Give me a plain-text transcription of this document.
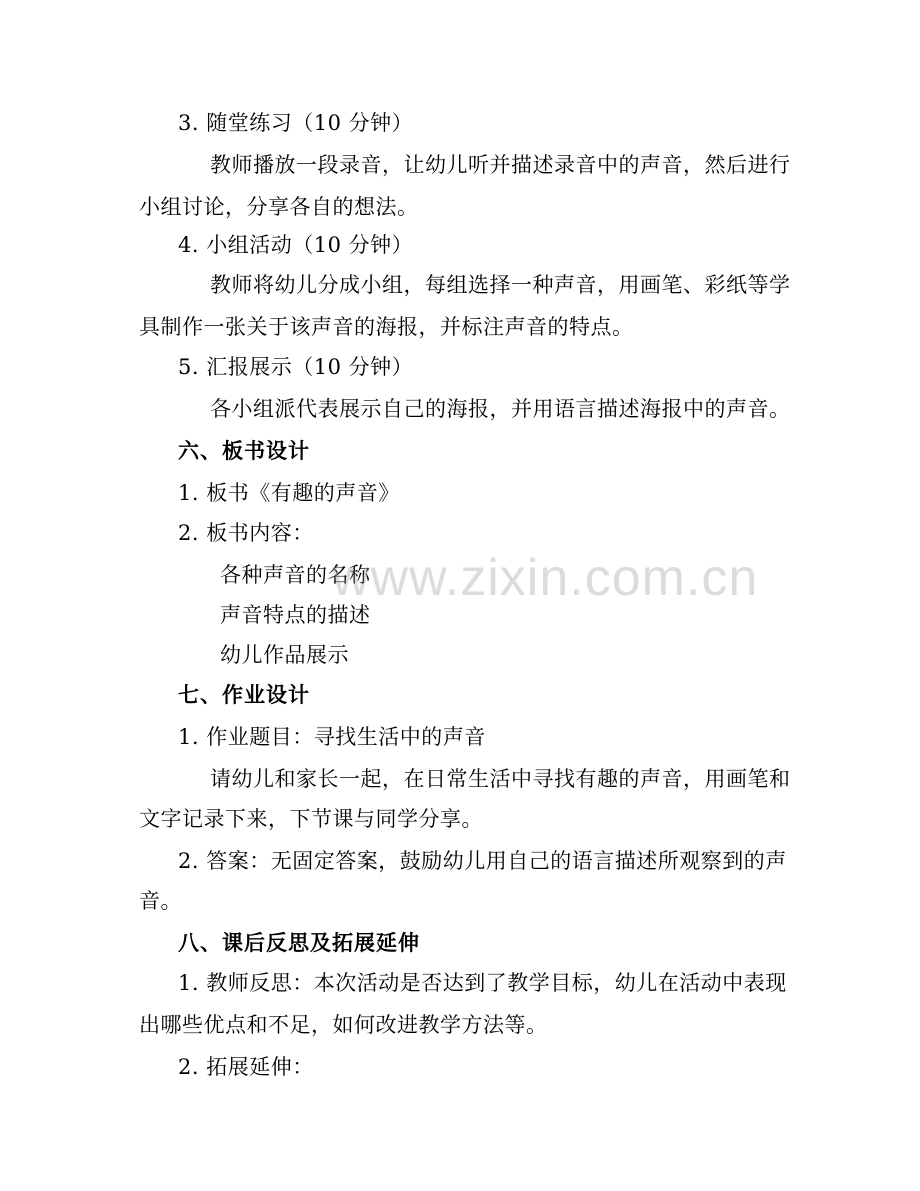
3. 随堂练习（10 分钟）
教师播放一段录音，让幼儿听并描述录音中的声音，然后进行
小组讨论，分享各自的想法。
4. 小组活动（10 分钟）
教师将幼儿分成小组，每组选择一种声音，用画笔、彩纸等学
具制作一张关于该声音的海报，并标注声音的特点。
5. 汇报展示（10 分钟）
各小组派代表展示自己的海报，并用语言描述海报中的声音。
六、板书设计
1. 板书《有趣的声音》
2. 板书内容：
各种声音的名称
声音特点的描述
幼儿作品展示
七、作业设计
1. 作业题目：寻找生活中的声音
请幼儿和家长一起，在日常生活中寻找有趣的声音，用画笔和
文字记录下来，下节课与同学分享。
2. 答案：无固定答案，鼓励幼儿用自己的语言描述所观察到的声
音。
八、课后反思及拓展延伸
1. 教师反思：本次活动是否达到了教学目标，幼儿在活动中表现
出哪些优点和不足，如何改进教学方法等。
2. 拓展延伸：
www.zixin.com.cn
